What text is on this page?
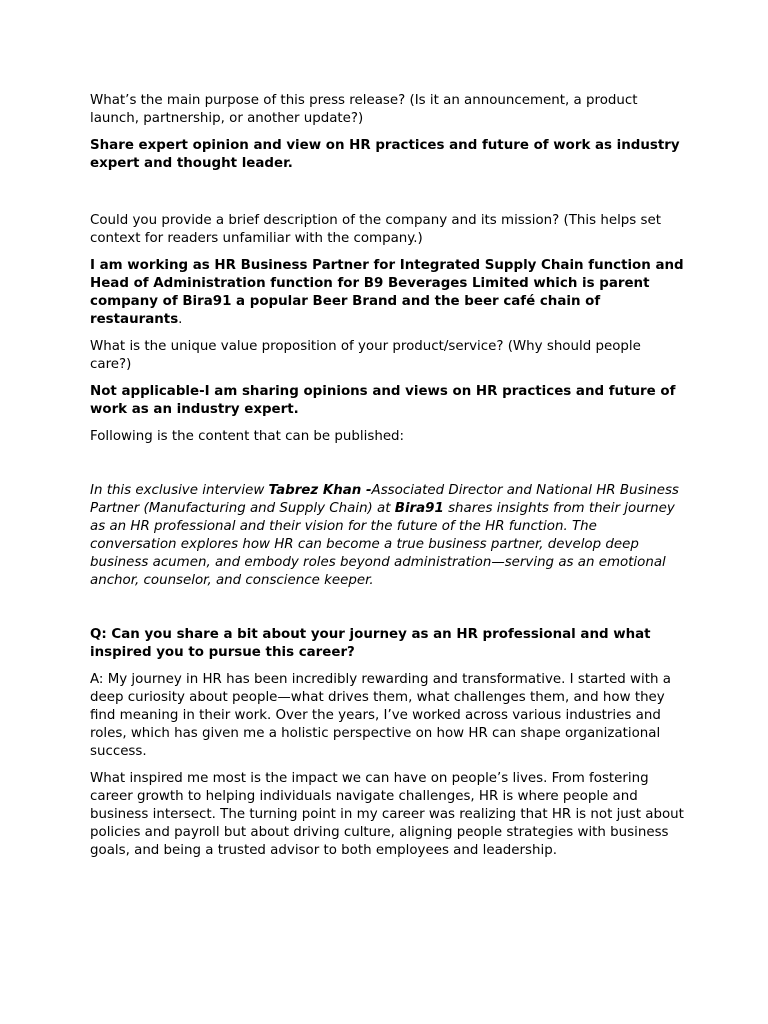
What’s the main purpose of this press release? (Is it an announcement, a product launch, partnership, or another update?)

Share expert opinion and view on HR practices and future of work as industry expert and thought leader.

Could you provide a brief description of the company and its mission? (This helps set context for readers unfamiliar with the company.)

I am working as HR Business Partner for Integrated Supply Chain function and Head of Administration function for B9 Beverages Limited which is parent company of Bira91 a popular Beer Brand and the beer café chain of restaurants.

What is the unique value proposition of your product/service? (Why should people care?)

Not applicable-I am sharing opinions and views on HR practices and future of work as an industry expert.

Following is the content that can be published:

In this exclusive interview Tabrez Khan -Associated Director and National HR Business Partner (Manufacturing and Supply Chain) at Bira91 shares insights from their journey as an HR professional and their vision for the future of the HR function. The conversation explores how HR can become a true business partner, develop deep business acumen, and embody roles beyond administration—serving as an emotional anchor, counselor, and conscience keeper.

Q: Can you share a bit about your journey as an HR professional and what inspired you to pursue this career?

A: My journey in HR has been incredibly rewarding and transformative. I started with a deep curiosity about people—what drives them, what challenges them, and how they find meaning in their work. Over the years, I’ve worked across various industries and roles, which has given me a holistic perspective on how HR can shape organizational success.

What inspired me most is the impact we can have on people’s lives. From fostering career growth to helping individuals navigate challenges, HR is where people and business intersect. The turning point in my career was realizing that HR is not just about policies and payroll but about driving culture, aligning people strategies with business goals, and being a trusted advisor to both employees and leadership.
